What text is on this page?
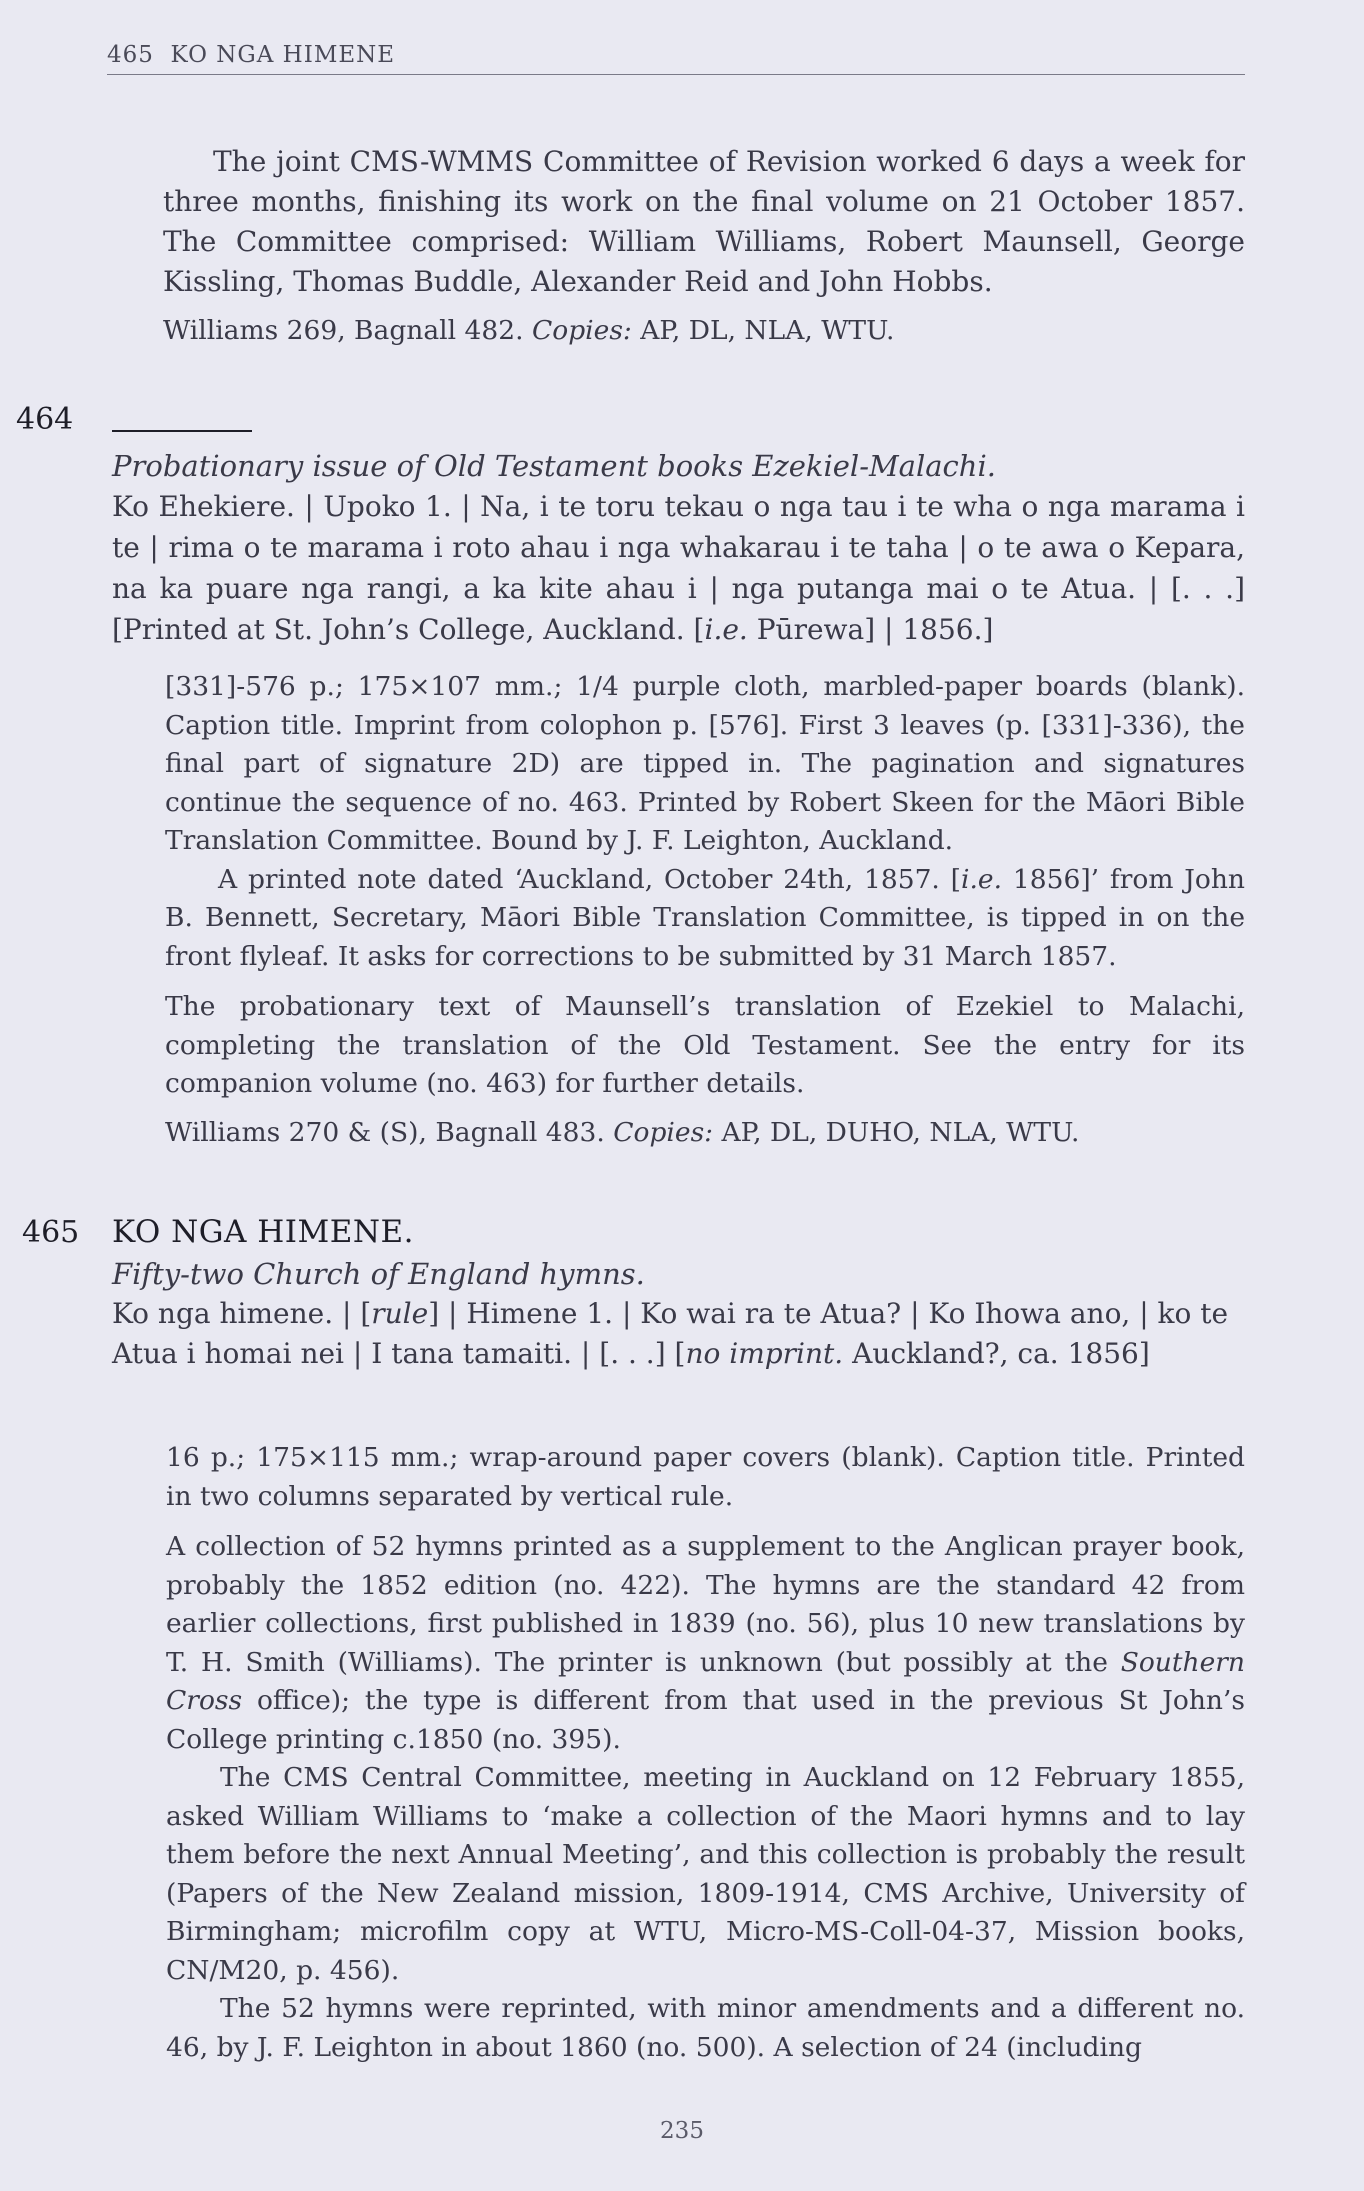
465 KO NGA HIMENE

The joint CMS-WMMS Committee of Revision worked 6 days a week for three months, finishing its work on the final volume on 21 October 1857. The Committee comprised: William Williams, Robert Maunsell, George Kissling, Thomas Buddle, Alexander Reid and John Hobbs.

Williams 269, Bagnall 482. Copies: AP, DL, NLA, WTU.

464

Probationary issue of Old Testament books Ezekiel-Malachi.

Ko Ehekiere. | Upoko 1. | Na, i te toru tekau o nga tau i te wha o nga marama i te | rima o te marama i roto ahau i nga whakarau i te taha | o te awa o Kepara, na ka puare nga rangi, a ka kite ahau i | nga putanga mai o te Atua. | [. . .] [Printed at St. John’s College, Auckland. [i.e. Pūrewa] | 1856.]

[331]-576 p.; 175×107 mm.; 1/4 purple cloth, marbled-paper boards (blank). Caption title. Imprint from colophon p. [576]. First 3 leaves (p. [331]-336), the final part of signature 2D) are tipped in. The pagination and signatures continue the sequence of no. 463. Printed by Robert Skeen for the Māori Bible Translation Committee. Bound by J. F. Leighton, Auckland.

A printed note dated ‘Auckland, October 24th, 1857. [i.e. 1856]’ from John B. Bennett, Secretary, Māori Bible Translation Committee, is tipped in on the front flyleaf. It asks for corrections to be submitted by 31 March 1857.

The probationary text of Maunsell’s translation of Ezekiel to Malachi, completing the translation of the Old Testament. See the entry for its companion volume (no. 463) for further details.

Williams 270 & (S), Bagnall 483. Copies: AP, DL, DUHO, NLA, WTU.

465 KO NGA HIMENE.

Fifty-two Church of England hymns.

Ko nga himene. | [rule] | Himene 1. | Ko wai ra te Atua? | Ko Ihowa ano, | ko te Atua i homai nei | I tana tamaiti. | [. . .] [no imprint. Auckland?, ca. 1856]

16 p.; 175×115 mm.; wrap-around paper covers (blank). Caption title. Printed in two columns separated by vertical rule.

A collection of 52 hymns printed as a supplement to the Anglican prayer book, probably the 1852 edition (no. 422). The hymns are the standard 42 from earlier collections, first published in 1839 (no. 56), plus 10 new translations by T. H. Smith (Williams). The printer is unknown (but possibly at the Southern Cross office); the type is different from that used in the previous St John’s College printing c.1850 (no. 395).

The CMS Central Committee, meeting in Auckland on 12 February 1855, asked William Williams to ‘make a collection of the Maori hymns and to lay them before the next Annual Meeting’, and this collection is probably the result (Papers of the New Zealand mission, 1809-1914, CMS Archive, University of Birmingham; microfilm copy at WTU, Micro-MS-Coll-04-37, Mission books, CN/M20, p. 456).

The 52 hymns were reprinted, with minor amendments and a different no. 46, by J. F. Leighton in about 1860 (no. 500). A selection of 24 (including

235
